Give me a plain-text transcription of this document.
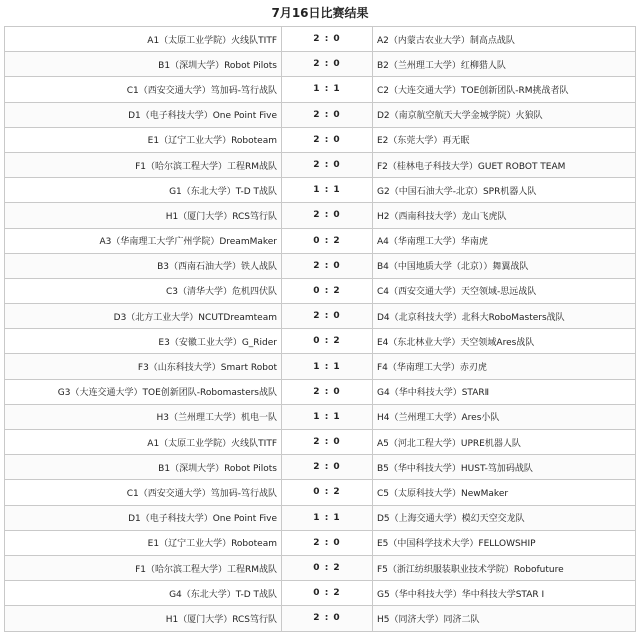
7月16日比赛结果
A1（太原工业学院）火线队TITF	2 : 0	A2（内蒙古农业大学）制高点战队
B1（深圳大学）Robot Pilots	2 : 0	B2（兰州理工大学）红柳猎人队
C1（西安交通大学）笃加码-笃行战队	1 : 1	C2（大连交通大学）TOE创新团队-RM挑战者队
D1（电子科技大学）One Point Five	2 : 0	D2（南京航空航天大学金城学院）火狼队
E1（辽宁工业大学）Roboteam	2 : 0	E2（东莞大学）再无眠
F1（哈尔滨工程大学）工程RM战队	2 : 0	F2（桂林电子科技大学）GUET ROBOT TEAM
G1（东北大学）T-D T战队	1 : 1	G2（中国石油大学-北京）SPR机器人队
H1（厦门大学）RCS笃行队	2 : 0	H2（西南科技大学）龙山飞虎队
A3（华南理工大学广州学院）DreamMaker	0 : 2	A4（华南理工大学）华南虎
B3（西南石油大学）铁人战队	2 : 0	B4（中国地质大学（北京））舞翼战队
C3（清华大学）危机四伏队	0 : 2	C4（西安交通大学）天空领域-思远战队
D3（北方工业大学）NCUTDreamteam	2 : 0	D4（北京科技大学）北科大RoboMasters战队
E3（安徽工业大学）G_Rider	0 : 2	E4（东北林业大学）天空领域Ares战队
F3（山东科技大学）Smart Robot	1 : 1	F4（华南理工大学）赤刃虎
G3（大连交通大学）TOE创新团队-Robomasters战队	2 : 0	G4（华中科技大学）STARⅡ
H3（兰州理工大学）机电一队	1 : 1	H4（兰州理工大学）Ares小队
A1（太原工业学院）火线队TITF	2 : 0	A5（河北工程大学）UPRE机器人队
B1（深圳大学）Robot Pilots	2 : 0	B5（华中科技大学）HUST-笃加码战队
C1（西安交通大学）笃加码-笃行战队	0 : 2	C5（太原科技大学）NewMaker
D1（电子科技大学）One Point Five	1 : 1	D5（上海交通大学）模幻天空交龙队
E1（辽宁工业大学）Roboteam	2 : 0	E5（中国科学技术大学）FELLOWSHIP
F1（哈尔滨工程大学）工程RM战队	0 : 2	F5（浙江纺织服装职业技术学院）Robofuture
G4（东北大学）T-D T战队	0 : 2	G5（华中科技大学）华中科技大学STAR Ⅰ
H1（厦门大学）RCS笃行队	2 : 0	H5（同济大学）同济二队
